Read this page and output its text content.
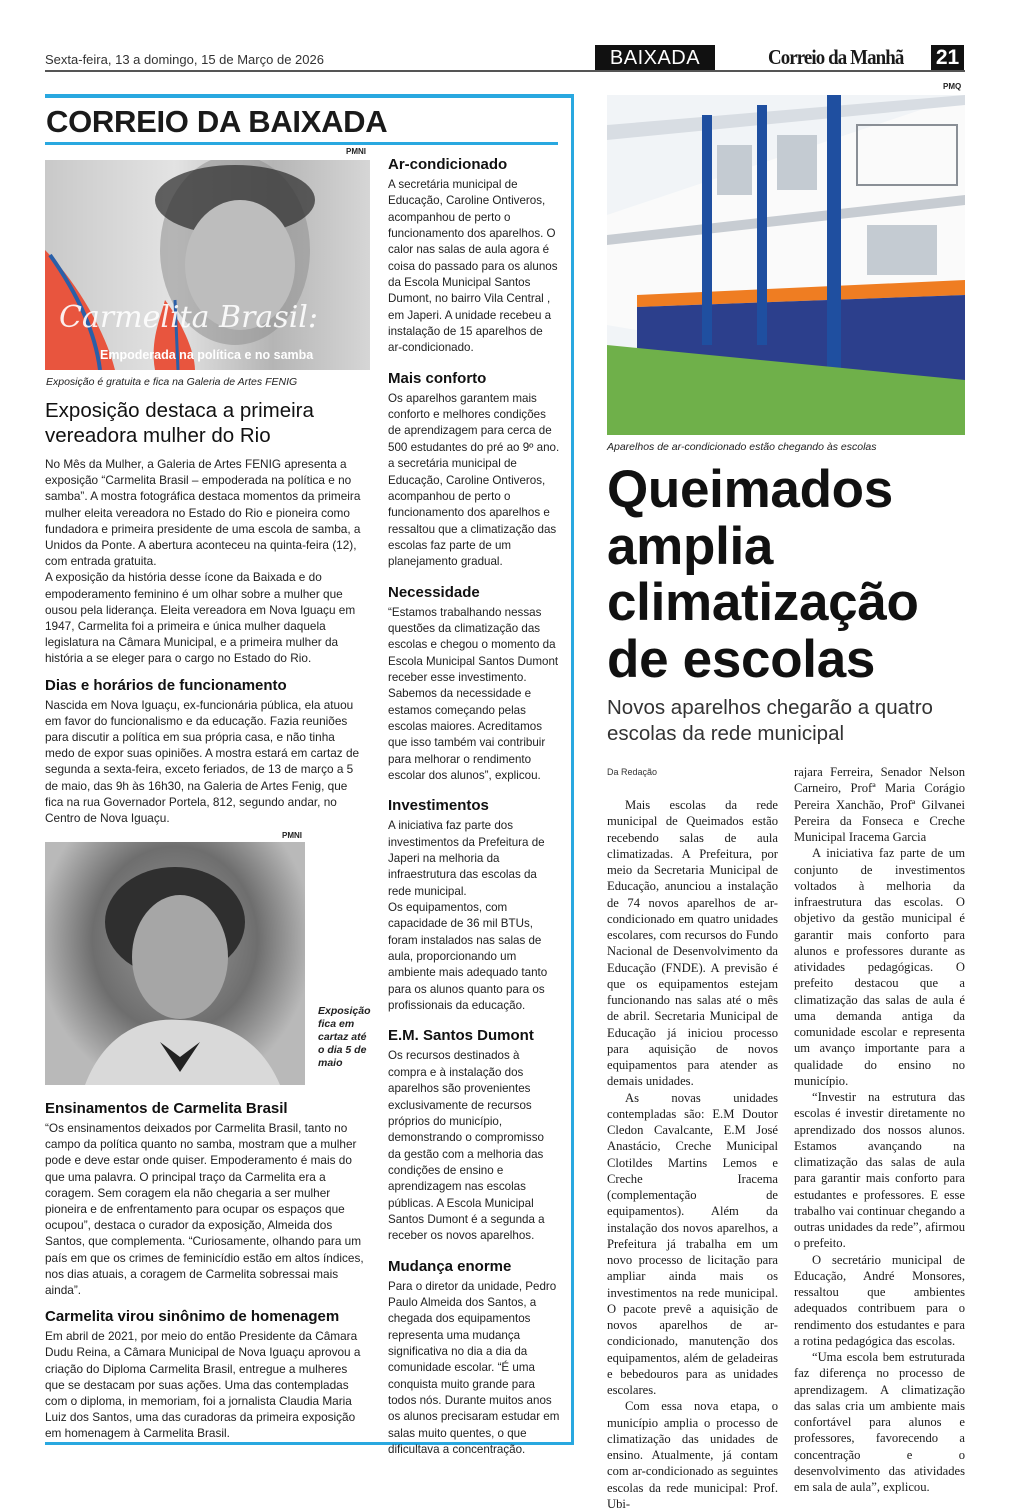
Sexta-feira, 13 a domingo, 15 de Março de 2026	BAIXADA	Correio da Manhã 21
CORREIO DA BAIXADA
PMNI
Carmelita Brasil:
Empoderada na política e no samba
Exposição é gratuita e fica na Galeria de Artes FENIG
Exposição destaca a primeira vereadora mulher do Rio

No Mês da Mulher, a Galeria de Artes FENIG apresenta a exposição “Carmelita Brasil – empoderada na política e no samba”. A mostra fotográfica destaca momentos da primeira mulher eleita vereadora no Estado do Rio e pioneira como fundadora e primeira presidente de uma escola de samba, a Unidos da Ponte. A abertura aconteceu na quinta-feira (12), com entrada gratuita.

A exposição da história desse ícone da Baixada e do empoderamento feminino é um olhar sobre a mulher que ousou pela liderança. Eleita vereadora em Nova Iguaçu em 1947, Carmelita foi a primeira e única mulher daquela legislatura na Câmara Municipal, e a primeira mulher da história a se eleger para o cargo no Estado do Rio.

Dias e horários de funcionamento

Nascida em Nova Iguaçu, ex-funcionária pública, ela atuou em favor do funcionalismo e da educação. Fazia reuniões para discutir a política em sua própria casa, e não tinha medo de expor suas opiniões. A mostra estará em cartaz de segunda a sexta-feira, exceto feriados, de 13 de março a 5 de maio, das 9h às 16h30, na Galeria de Artes Fenig, que fica na rua Governador Portela, 812, segundo andar, no Centro de Nova Iguaçu.

PMNI
Exposição fica em cartaz até o dia 5 de maio
Ensinamentos de Carmelita Brasil

“Os ensinamentos deixados por Carmelita Brasil, tanto no campo da política quanto no samba, mostram que a mulher pode e deve estar onde quiser. Empoderamento é mais do que uma palavra. O principal traço da Carmelita era a coragem. Sem coragem ela não chegaria a ser mulher pioneira e de enfrentamento para ocupar os espaços que ocupou”, destaca o curador da exposição, Almeida dos Santos, que complementa. “Curiosamente, olhando para um país em que os crimes de feminicídio estão em altos índices, nos dias atuais, a coragem de Carmelita sobressai mais ainda”.

Carmelita virou sinônimo de homenagem

Em abril de 2021, por meio do então Presidente da Câmara Dudu Reina, a Câmara Municipal de Nova Iguaçu aprovou a criação do Diploma Carmelita Brasil, entregue a mulheres que se destacam por suas ações. Uma das contempladas com o diploma, in memoriam, foi a jornalista Claudia Maria Luiz dos Santos, uma das curadoras da primeira exposição em homenagem à Carmelita Brasil.

Ar-condicionado

A secretária municipal de Educação, Caroline Ontiveros, acompanhou de perto o funcionamento dos aparelhos. O calor nas salas de aula agora é coisa do passado para os alunos da Escola Municipal Santos Dumont, no bairro Vila Central , em Japeri. A unidade recebeu a instalação de 15 aparelhos de ar-condicionado.

Mais conforto

Os aparelhos garantem mais conforto e melhores condições de aprendizagem para cerca de 500 estudantes do pré ao 9º ano. a secretária municipal de Educação, Caroline Ontiveros, acompanhou de perto o funcionamento dos aparelhos e ressaltou que a climatização das escolas faz parte de um planejamento gradual.

Necessidade

“Estamos trabalhando nessas questões da climatização das escolas e chegou o momento da Escola Municipal Santos Dumont receber esse investimento. Sabemos da necessidade e estamos começando pelas escolas maiores. Acreditamos que isso também vai contribuir para melhorar o rendimento escolar dos alunos”, explicou.

Investimentos

A iniciativa faz parte dos investimentos da Prefeitura de Japeri na melhoria da infraestrutura das escolas da rede municipal.

Os equipamentos, com capacidade de 36 mil BTUs, foram instalados nas salas de aula, proporcionando um ambiente mais adequado tanto para os alunos quanto para os profissionais da educação.

E.M. Santos Dumont

Os recursos destinados à compra e à instalação dos aparelhos são provenientes exclusivamente de recursos próprios do município, demonstrando o compromisso da gestão com a melhoria das condições de ensino e aprendizagem nas escolas públicas. A Escola Municipal Santos Dumont é a segunda a receber os novos aparelhos.

Mudança enorme

Para o diretor da unidade, Pedro Paulo Almeida dos Santos, a chegada dos equipamentos representa uma mudança significativa no dia a dia da comunidade escolar. “É uma conquista muito grande para todos nós. Durante muitos anos os alunos precisaram estudar em salas muito quentes, o que dificultava a concentração.

PMQ
Aparelhos de ar-condicionado estão chegando às escolas
Queimados amplia climatização de escolas
Novos aparelhos chegarão a quatro escolas da rede municipal
Da Redação

Mais escolas da rede municipal de Queimados estão recebendo salas de aula climatizadas. A Prefeitura, por meio da Secretaria Municipal de Educação, anunciou a instalação de 74 novos aparelhos de ar-condicionado em quatro unidades escolares, com recursos do Fundo Nacional de Desenvolvimento da Educação (FNDE). A previsão é que os equipamentos estejam funcionando nas salas até o mês de abril. Secretaria Municipal de Educação já iniciou processo para aquisição de novos equipamentos para atender as demais unidades.

As novas unidades contempladas são: E.M Doutor Cledon Cavalcante, E.M José Anastácio, Creche Municipal Clotildes Martins Lemos e Creche Iracema (complementação de equipamentos). Além da instalação dos novos aparelhos, a Prefeitura já trabalha em um novo processo de licitação para ampliar ainda mais os investimentos na rede municipal. O pacote prevê a aquisição de novos aparelhos de ar-condicionado, manutenção dos equipamentos, além de geladeiras e bebedouros para as unidades escolares.

Com essa nova etapa, o município amplia o processo de climatização das unidades de ensino. Atualmente, já contam com ar-condicionado as seguintes escolas da rede municipal: Prof. Ubi-

rajara Ferreira, Senador Nelson Carneiro, Profª Maria Corágio Pereira Xanchão, Profª Gilvanei Pereira da Fonseca e Creche Municipal Iracema Garcia

A iniciativa faz parte de um conjunto de investimentos voltados à melhoria da infraestrutura das escolas. O objetivo da gestão municipal é garantir mais conforto para alunos e professores durante as atividades pedagógicas. O prefeito destacou que a climatização das salas de aula é uma demanda antiga da comunidade escolar e representa um avanço importante para a qualidade do ensino no município.

“Investir na estrutura das escolas é investir diretamente no aprendizado dos nossos alunos. Estamos avançando na climatização das salas de aula para garantir mais conforto para estudantes e professores. E esse trabalho vai continuar chegando a outras unidades da rede”, afirmou o prefeito.

O secretário municipal de Educação, André Monsores, ressaltou que ambientes adequados contribuem para o rendimento dos estudantes e para a rotina pedagógica das escolas.

“Uma escola bem estruturada faz diferença no processo de aprendizagem. A climatização das salas cria um ambiente mais confortável para alunos e professores, favorecendo a concentração e o desenvolvimento das atividades em sala de aula”, explicou.
